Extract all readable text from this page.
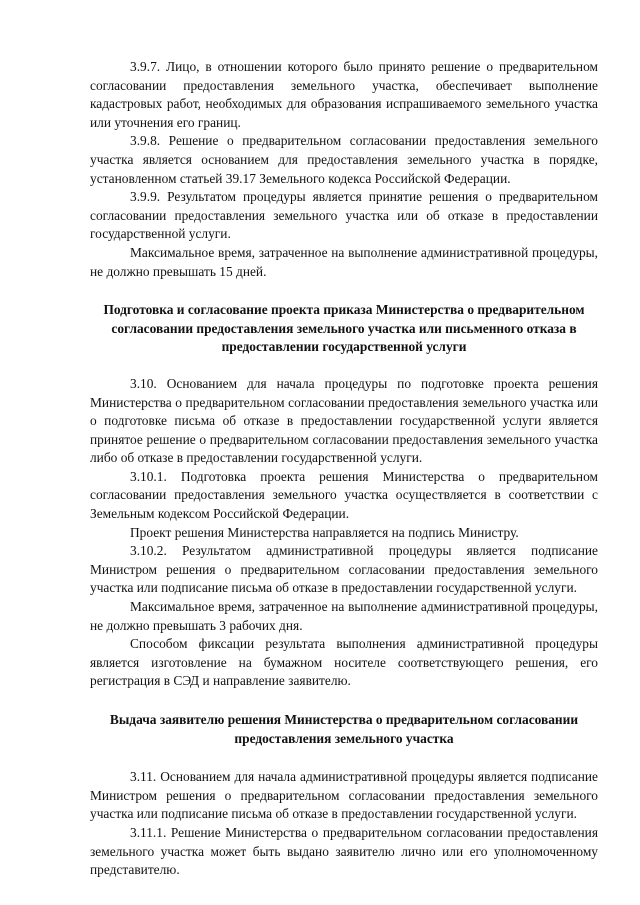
3.9.7. Лицо, в отношении которого было принято решение о предварительном согласовании предоставления земельного участка, обеспечивает выполнение кадастровых работ, необходимых для образования испрашиваемого земельного участка или уточнения его границ.

3.9.8. Решение о предварительном согласовании предоставления земельного участка является основанием для предоставления земельного участка в порядке, установленном статьей 39.17 Земельного кодекса Российской Федерации.

3.9.9. Результатом процедуры является принятие решения о предварительном согласовании предоставления земельного участка или об отказе в предоставлении государственной услуги.

Максимальное время, затраченное на выполнение административной процедуры, не должно превышать 15 дней.

Подготовка и согласование проекта приказа Министерства о предварительном согласовании предоставления земельного участка или письменного отказа в предоставлении государственной услуги

3.10. Основанием для начала процедуры по подготовке проекта решения Министерства о предварительном согласовании предоставления земельного участка или о подготовке письма об отказе в предоставлении государственной услуги является принятое решение о предварительном согласовании предоставления земельного участка либо об отказе в предоставлении государственной услуги.

3.10.1. Подготовка проекта решения Министерства о предварительном согласовании предоставления земельного участка осуществляется в соответствии с Земельным кодексом Российской Федерации.

Проект решения Министерства направляется на подпись Министру.

3.10.2. Результатом административной процедуры является подписание Министром решения о предварительном согласовании предоставления земельного участка или подписание письма об отказе в предоставлении государственной услуги.

Максимальное время, затраченное на выполнение административной процедуры, не должно превышать 3 рабочих дня.

Способом фиксации результата выполнения административной процедуры является изготовление на бумажном носителе соответствующего решения, его регистрация в СЭД и направление заявителю.

Выдача заявителю решения Министерства о предварительном согласовании предоставления земельного участка

3.11. Основанием для начала административной процедуры является подписание Министром решения о предварительном согласовании предоставления земельного участка или подписание письма об отказе в предоставлении государственной услуги.

3.11.1. Решение Министерства о предварительном согласовании предоставления земельного участка может быть выдано заявителю лично или его уполномоченному представителю.
